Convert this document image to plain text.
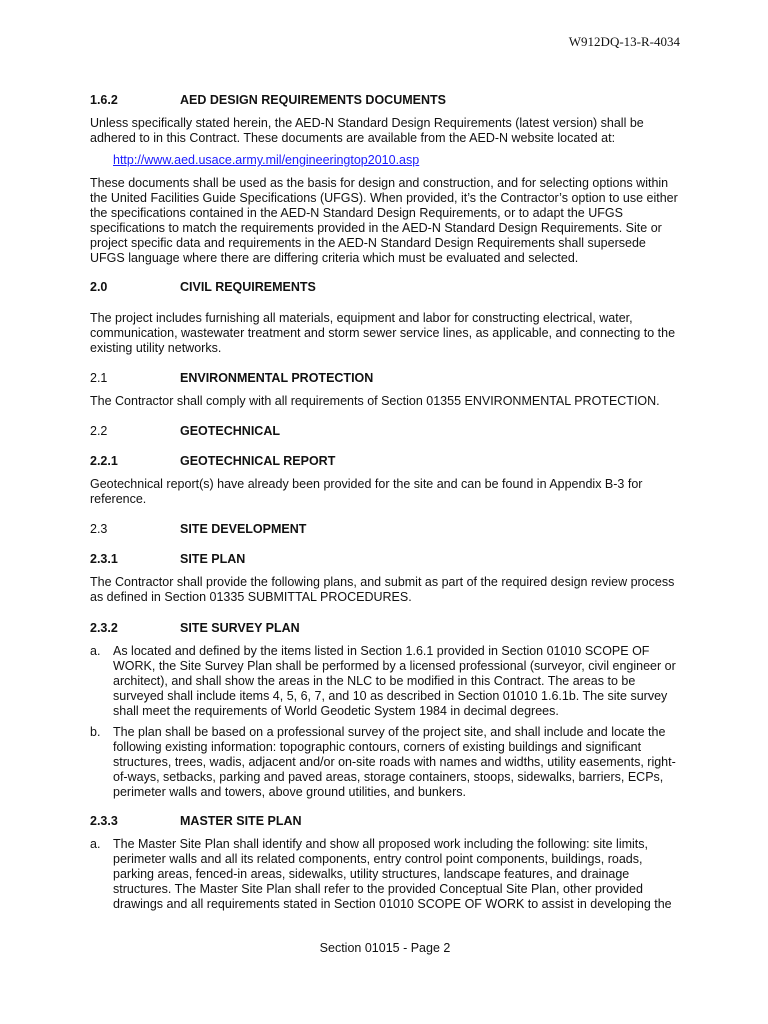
W912DQ-13-R-4034
1.6.2	AED DESIGN REQUIREMENTS DOCUMENTS

Unless specifically stated herein, the AED-N Standard Design Requirements (latest version) shall be adhered to in this Contract. These documents are available from the AED-N website located at:

http://www.aed.usace.army.mil/engineeringtop2010.asp

These documents shall be used as the basis for design and construction, and for selecting options within the United Facilities Guide Specifications (UFGS). When provided, it’s the Contractor’s option to use either the specifications contained in the AED-N Standard Design Requirements, or to adapt the UFGS specifications to match the requirements provided in the AED-N Standard Design Requirements. Site or project specific data and requirements in the AED-N Standard Design Requirements shall supersede UFGS language where there are differing criteria which must be evaluated and selected.

2.0	CIVIL REQUIREMENTS

The project includes furnishing all materials, equipment and labor for constructing electrical, water, communication, wastewater treatment and storm sewer service lines, as applicable, and connecting to the existing utility networks.

2.1	ENVIRONMENTAL PROTECTION

The Contractor shall comply with all requirements of Section 01355 ENVIRONMENTAL PROTECTION.

2.2	GEOTECHNICAL
2.2.1	GEOTECHNICAL REPORT

Geotechnical report(s) have already been provided for the site and can be found in Appendix B-3 for reference.

2.3	SITE DEVELOPMENT
2.3.1	SITE PLAN

The Contractor shall provide the following plans, and submit as part of the required design review process as defined in Section 01335 SUBMITTAL PROCEDURES.

2.3.2	SITE SURVEY PLAN
a.	As located and defined by the items listed in Section 1.6.1 provided in Section 01010 SCOPE OF WORK, the Site Survey Plan shall be performed by a licensed professional (surveyor, civil engineer or architect), and shall show the areas in the NLC to be modified in this Contract. The areas to be surveyed shall include items 4, 5, 6, 7, and 10 as described in Section 01010 1.6.1b. The site survey shall meet the requirements of World Geodetic System 1984 in decimal degrees.
b.	The plan shall be based on a professional survey of the project site, and shall include and locate the following existing information: topographic contours, corners of existing buildings and significant structures, trees, wadis, adjacent and/or on-site roads with names and widths, utility easements, right-of-ways, setbacks, parking and paved areas, storage containers, stoops, sidewalks, barriers, ECPs, perimeter walls and towers, above ground utilities, and bunkers.
2.3.3	MASTER SITE PLAN
a.	The Master Site Plan shall identify and show all proposed work including the following: site limits, perimeter walls and all its related components, entry control point components, buildings, roads, parking areas, fenced-in areas, sidewalks, utility structures, landscape features, and drainage structures. The Master Site Plan shall refer to the provided Conceptual Site Plan, other provided drawings and all requirements stated in Section 01010 SCOPE OF WORK to assist in developing the
Section 01015 - Page 2
